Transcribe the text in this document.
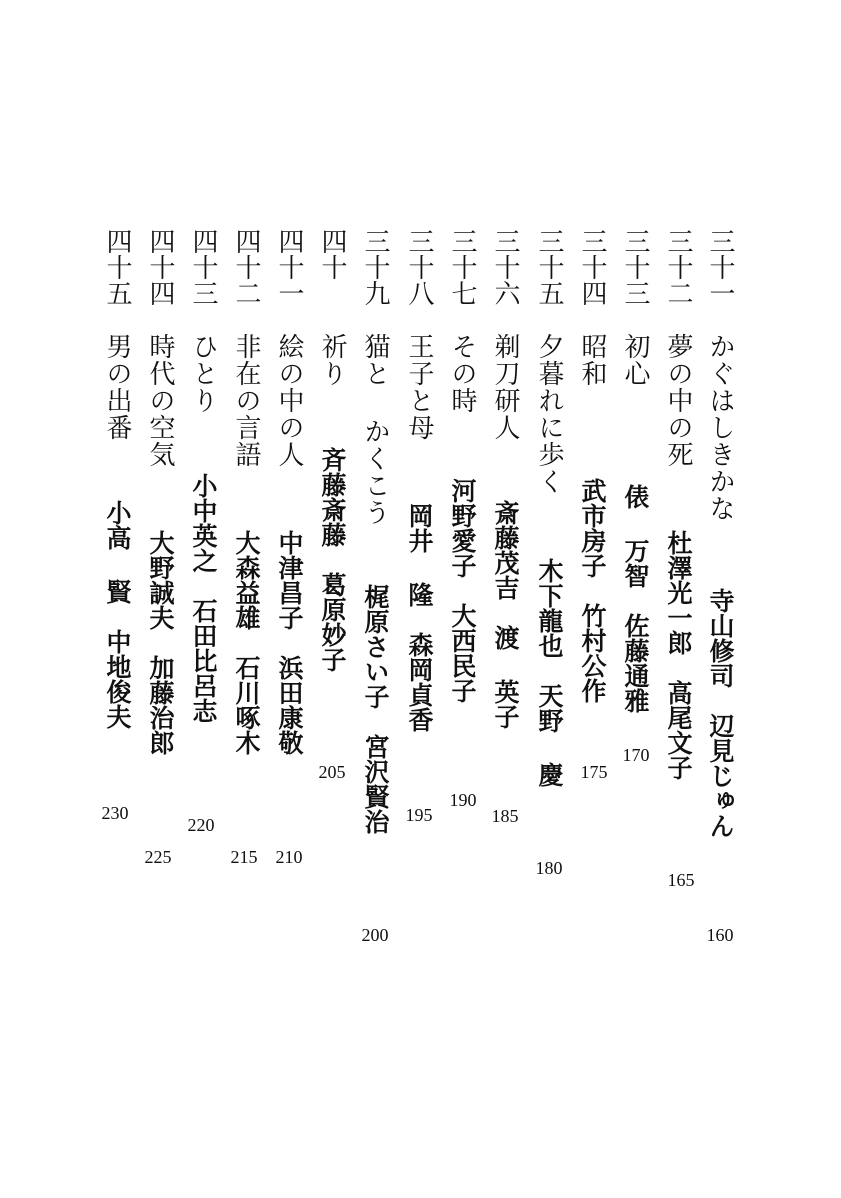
三十一
かぐはしきかな
寺山修司　辺見じゅん
160
三十二
夢の中の死
杜澤光一郎　高尾文子
165
三十三
初心
俵 万智　佐藤通雅
170
三十四
昭和
武市房子　竹村公作
175
三十五
夕暮れに歩く
木下龍也　天野 慶
180
三十六
剃刀研人
斎藤茂吉　渡 英子
185
三十七
その時
河野愛子　大西民子
190
三十八
王子と母
岡井 隆　森岡貞香
195
三十九
猫と かくこう
梶原さい子　宮沢賢治
200
四十
祈り
斉藤斎藤　葛原妙子
205
四十一
絵の中の人
中津昌子　浜田康敬
210
四十二
非在の言語
大森益雄　石川啄木
215
四十三
ひとり
小中英之　石田比呂志
220
四十四
時代の空気
大野誠夫　加藤治郎
225
四十五
男の出番
小高 賢　中地俊夫
230
